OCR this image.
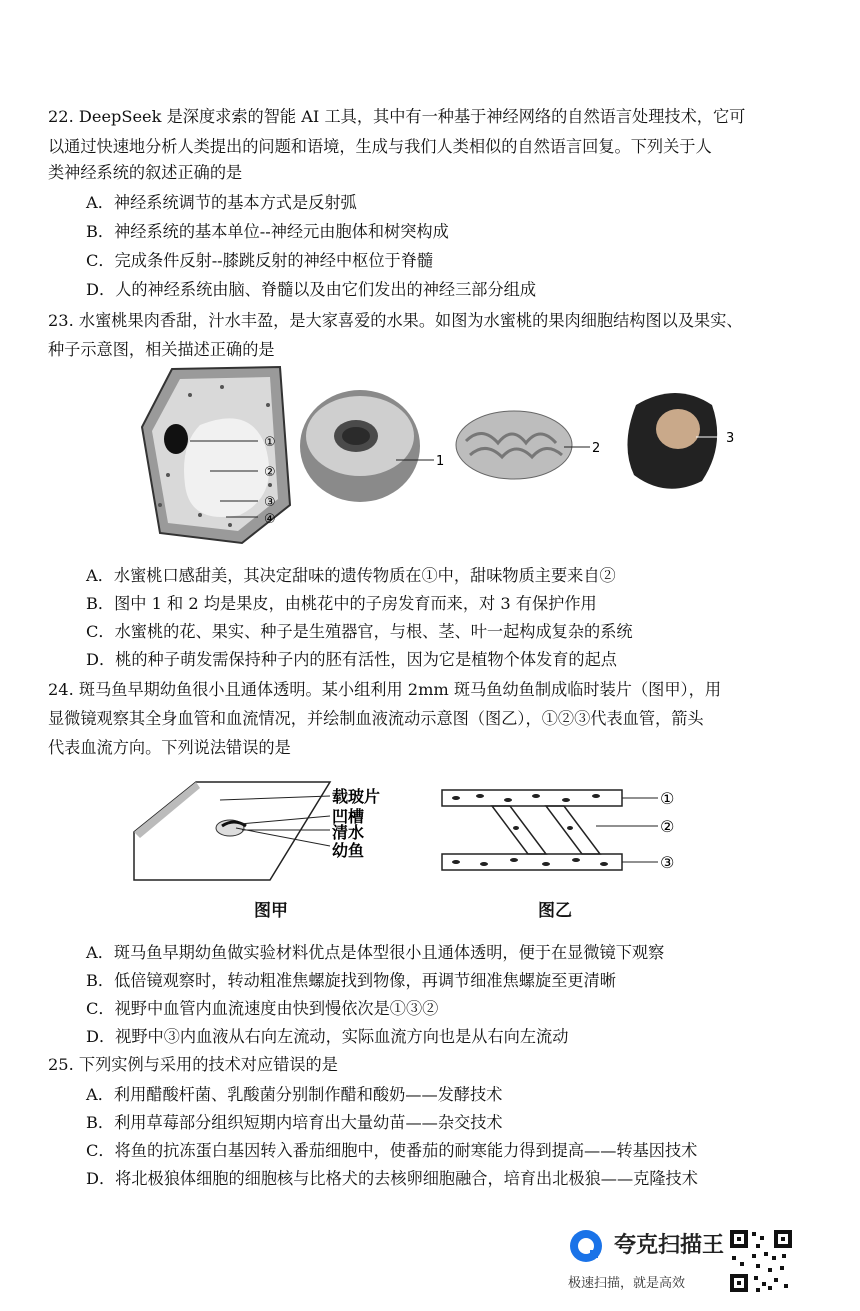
22. DeepSeek 是深度求索的智能 AI 工具，其中有一种基于神经网络的自然语言处理技术，它可
以通过快速地分析人类提出的问题和语境，生成与我们人类相似的自然语言回复。下列关于人
类神经系统的叙述正确的是
A．神经系统调节的基本方式是反射弧
B．神经系统的基本单位--神经元由胞体和树突构成
C．完成条件反射--膝跳反射的神经中枢位于脊髓
D．人的神经系统由脑、脊髓以及由它们发出的神经三部分组成
23. 水蜜桃果肉香甜，汁水丰盈，是大家喜爱的水果。如图为水蜜桃的果肉细胞结构图以及果实、
种子示意图，相关描述正确的是
①
②
③
④
1
2
3
A．水蜜桃口感甜美，其决定甜味的遗传物质在①中，甜味物质主要来自②
B．图中 1 和 2 均是果皮，由桃花中的子房发育而来，对 3 有保护作用
C．水蜜桃的花、果实、种子是生殖器官，与根、茎、叶一起构成复杂的系统
D．桃的种子萌发需保持种子内的胚有活性，因为它是植物个体发育的起点
24. 斑马鱼早期幼鱼很小且通体透明。某小组利用 2mm 斑马鱼幼鱼制成临时装片（图甲），用
显微镜观察其全身血管和血流情况，并绘制血液流动示意图（图乙），①②③代表血管，箭头
代表血流方向。下列说法错误的是
载玻片
凹槽
清水
幼鱼
图甲
①
②
③
图乙
A．斑马鱼早期幼鱼做实验材料优点是体型很小且通体透明，便于在显微镜下观察
B．低倍镜观察时，转动粗准焦螺旋找到物像，再调节细准焦螺旋至更清晰
C．视野中血管内血流速度由快到慢依次是①③②
D．视野中③内血液从右向左流动，实际血流方向也是从右向左流动
25. 下列实例与采用的技术对应错误的是
A．利用醋酸杆菌、乳酸菌分别制作醋和酸奶——发酵技术
B．利用草莓部分组织短期内培育出大量幼苗——杂交技术
C．将鱼的抗冻蛋白基因转入番茄细胞中，使番茄的耐寒能力得到提高——转基因技术
D．将北极狼体细胞的细胞核与比格犬的去核卵细胞融合，培育出北极狼——克隆技术
夸克扫描王
极速扫描，就是高效
